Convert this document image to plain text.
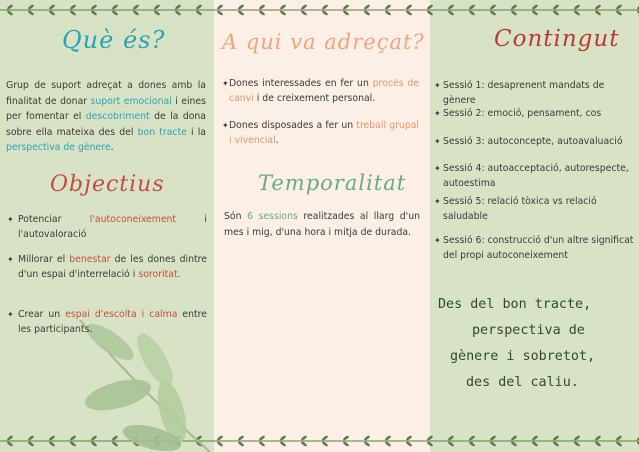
Què és?

Grup de suport adreçat a dones amb la finalitat de donar suport emocional i eines per fomentar el descobriment de la dona sobre ella mateixa des del bon tracte i la perspectiva de gènere.

Objectius
✦ Potenciar l'autoconeixement i l'autovaloració
✦ Millorar el benestar de les dones dintre d'un espai d'interrelació i sororitat.
✦ Crear un espai d'escolta i calma entre les participants.
A qui va adreçat?
✦ Dones interessades en fer un procés de canvi i de creixement personal.
✦ Dones disposades a fer un treball grupal i vivencial.
Temporalitat

Són 6 sessions realitzades al llarg d'un mes i mig, d'una hora i mitja de durada.

Contingut
✦ Sessió 1: desaprenent mandats de gènere
✦ Sessió 2: emoció, pensament, cos
✦ Sessió 3: autoconcepte, autoavaluació
✦ Sessió 4: autoacceptació, autorespecte, autoestima
✦ Sessió 5: relació tòxica vs relació saludable
✦ Sessió 6: construcció d'un altre significat del propi autoconeixement

Des del bon tracte,
perspectiva de
gènere i sobretot,
des del caliu.
